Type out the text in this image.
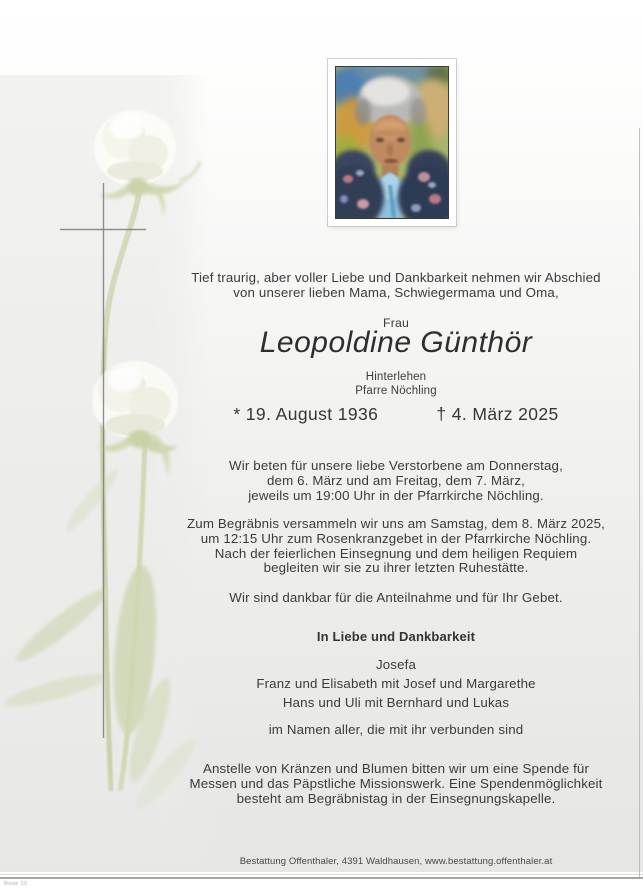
Tief traurig, aber voller Liebe und Dankbarkeit nehmen wir Abschied
von unserer lieben Mama, Schwiegermama und Oma,
Frau
Leopoldine Günthör
Hinterlehen
Pfarre Nöchling
* 19. August 1936	† 4. März 2025
Wir beten für unsere liebe Verstorbene am Donnerstag,
dem 6. März und am Freitag, dem 7. März,
jeweils um 19:00 Uhr in der Pfarrkirche Nöchling.
Zum Begräbnis versammeln wir uns am Samstag, dem 8. März 2025,
um 12:15 Uhr zum Rosenkranzgebet in der Pfarrkirche Nöchling.
Nach der feierlichen Einsegnung und dem heiligen Requiem
begleiten wir sie zu ihrer letzten Ruhestätte.
Wir sind dankbar für die Anteilnahme und für Ihr Gebet.
In Liebe und Dankbarkeit
Josefa
Franz und Elisabeth mit Josef und Margarethe
Hans und Uli mit Bernhard und Lukas
im Namen aller, die mit ihr verbunden sind
Anstelle von Kränzen und Blumen bitten wir um eine Spende für
Messen und das Päpstliche Missionswerk. Eine Spendenmöglichkeit
besteht am Begräbnistag in der Einsegnungskapelle.
Bestattung Offenthaler, 4391 Waldhausen, www.bestattung.offenthaler.at
Rose 10
